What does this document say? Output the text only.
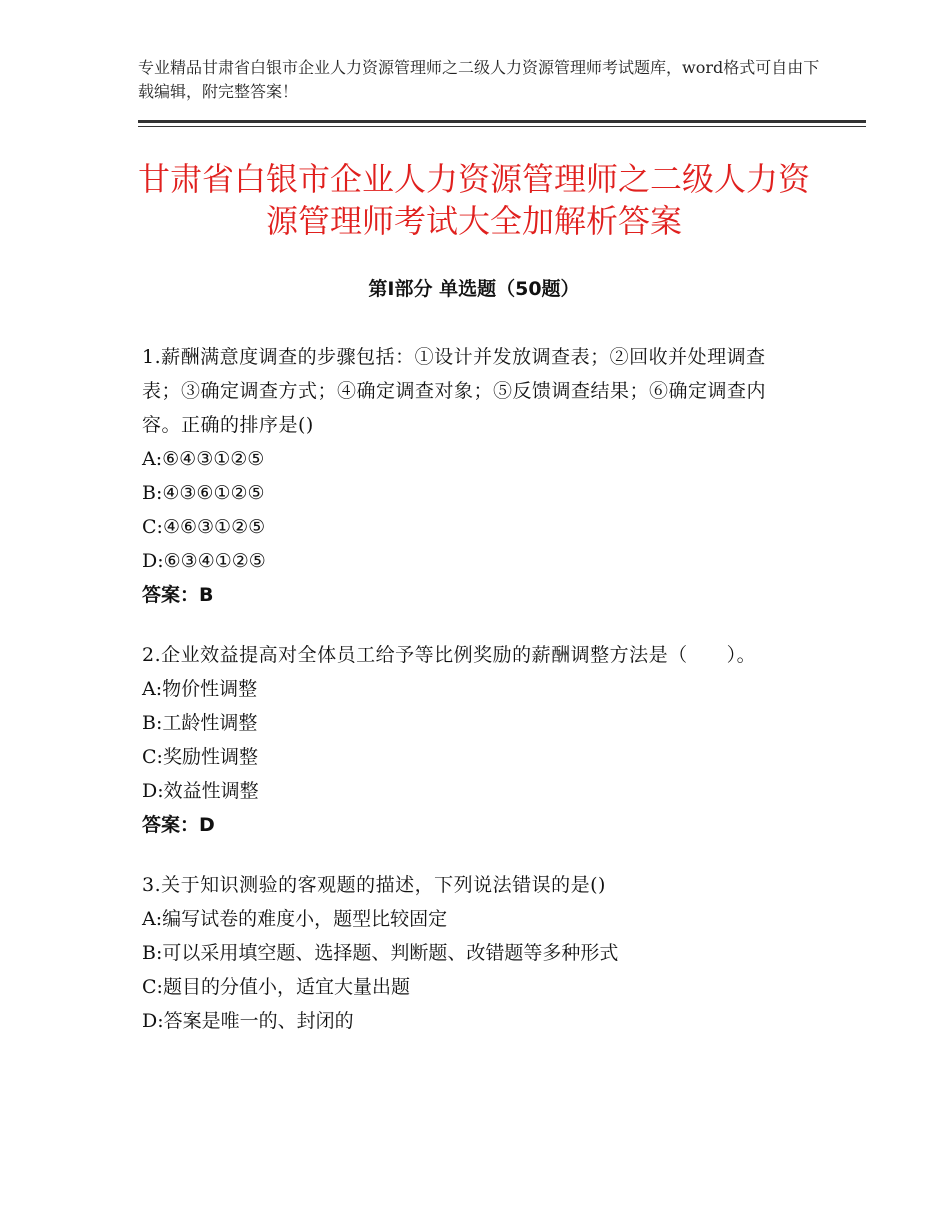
专业精品甘肃省白银市企业人力资源管理师之二级人力资源管理师考试题库，word格式可自由下载编辑，附完整答案！
甘肃省白银市企业人力资源管理师之二级人力资源管理师考试大全加解析答案
第Ⅰ部分 单选题（50题）

1.薪酬满意度调查的步骤包括：①设计并发放调查表；②回收并处理调查表；③确定调查方式；④确定调查对象；⑤反馈调查结果；⑥确定调查内容。正确的排序是()

A:⑥④③①②⑤

B:④③⑥①②⑤

C:④⑥③①②⑤

D:⑥③④①②⑤

答案：B

2.企业效益提高对全体员工给予等比例奖励的薪酬调整方法是（　　）。

A:物价性调整

B:工龄性调整

C:奖励性调整

D:效益性调整

答案：D

3.关于知识测验的客观题的描述，下列说法错误的是()

A:编写试卷的难度小，题型比较固定

B:可以采用填空题、选择题、判断题、改错题等多种形式

C:题目的分值小，适宜大量出题

D:答案是唯一的、封闭的
